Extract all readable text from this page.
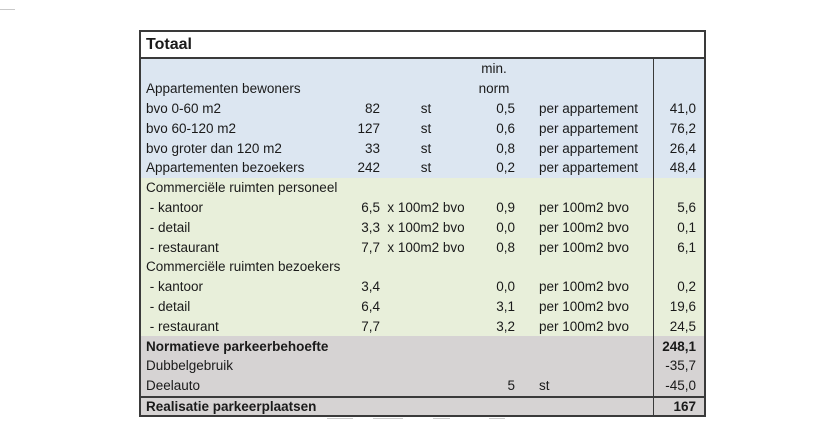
Totaal
min.
Appartementen bewoners	norm
bvo 0-60 m2	82	st	0,5	per appartement	41,0
bvo 60-120 m2	127	st	0,6	per appartement	76,2
bvo groter dan 120 m2	33	st	0,8	per appartement	26,4
Appartementen bezoekers	242	st	0,2	per appartement	48,4
Commerciële ruimten personeel
- kantoor	6,5 x 100m2 bvo	0,9	per 100m2 bvo	5,6
- detail	3,3 x 100m2 bvo	0,0	per 100m2 bvo	0,1
- restaurant	7,7 x 100m2 bvo	0,8	per 100m2 bvo	6,1
Commerciële ruimten bezoekers
- kantoor	3,4	0,0	per 100m2 bvo	0,2
- detail	6,4	3,1	per 100m2 bvo	19,6
- restaurant	7,7	3,2	per 100m2 bvo	24,5
Normatieve parkeerbehoefte	248,1
Dubbelgebruik	-35,7
Deelauto	5	st	-45,0
Realisatie parkeerplaatsen	167
